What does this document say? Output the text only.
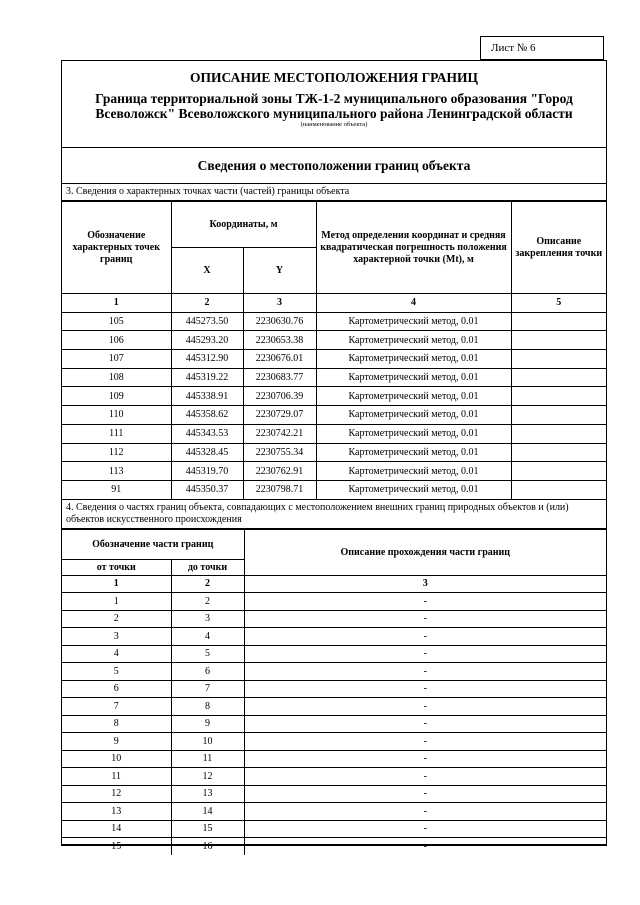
Лист № 6
ОПИСАНИЕ МЕСТОПОЛОЖЕНИЯ ГРАНИЦ
Граница территориальной зоны ТЖ-1-2 муниципального образования "Город Всеволожск" Всеволожского муниципального района Ленинградской области
(наименование объекта)
Сведения о местоположении границ объекта
3. Сведения о характерных точках части (частей) границы объекта
Обозначение характерных точек границ	Координаты, м		Метод определения координат и средняя квадратическая погрешность положения характерной точки (Mt), м	Описание закрепления точки
	X	Y		
1	2	3	4	5
105	445273.50	2230630.76	Картометрический метод, 0.01	
106	445293.20	2230653.38	Картометрический метод, 0.01	
107	445312.90	2230676.01	Картометрический метод, 0.01	
108	445319.22	2230683.77	Картометрический метод, 0.01	
109	445338.91	2230706.39	Картометрический метод, 0.01	
110	445358.62	2230729.07	Картометрический метод, 0.01	
111	445343.53	2230742.21	Картометрический метод, 0.01	
112	445328.45	2230755.34	Картометрический метод, 0.01	
113	445319.70	2230762.91	Картометрический метод, 0.01	
91	445350.37	2230798.71	Картометрический метод, 0.01	
4. Сведения о частях границ объекта, совпадающих с местоположением внешних границ природных объектов и (или) объектов искусственного происхождения
Обозначение части границ		Описание прохождения части границ
от точки	до точки	
1	2	3
1	2	-
2	3	-
3	4	-
4	5	-
5	6	-
6	7	-
7	8	-
8	9	-
9	10	-
10	11	-
11	12	-
12	13	-
13	14	-
14	15	-
15	16	-
